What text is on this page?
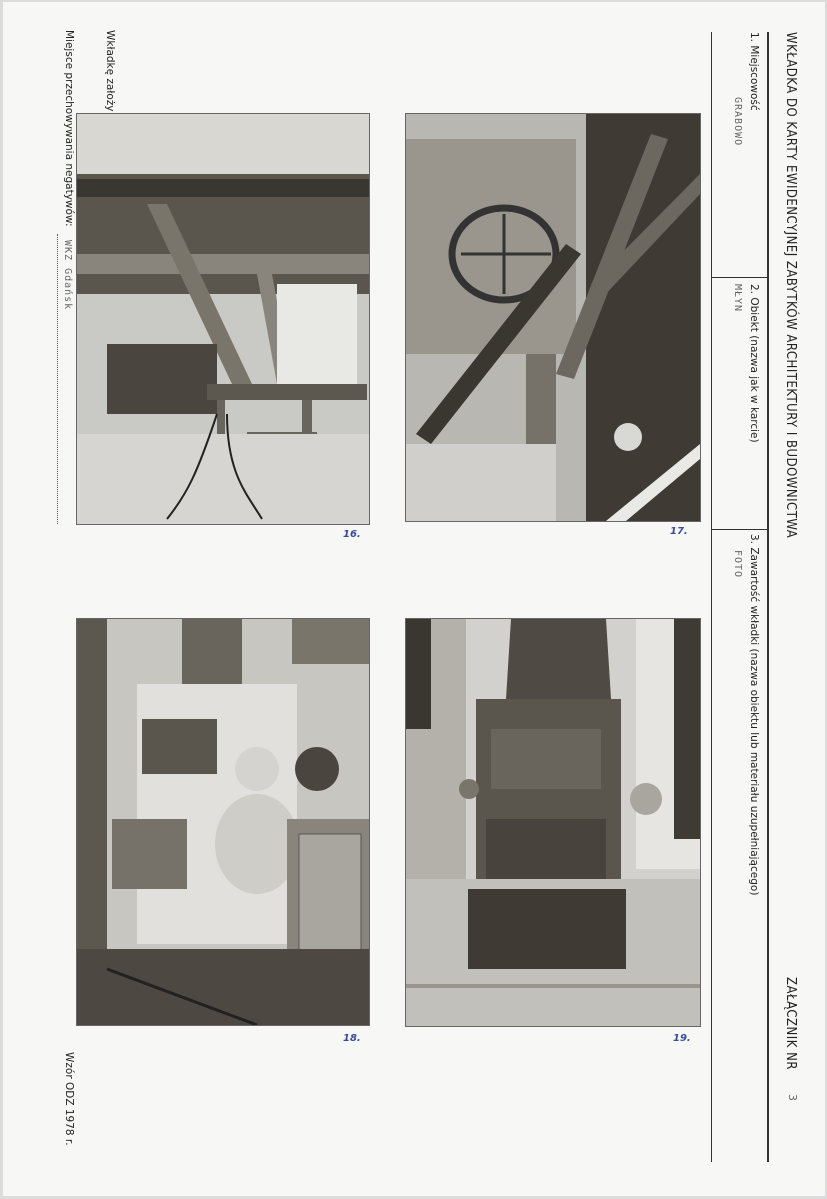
WKŁADKA DO KARTY EWIDENCYJNEJ ZABYTKÓW ARCHITEKTURY I BUDOWNICTWA
ZAŁĄCZNIK NR
3
1. Miejscowość
GRABOWO
2. Obiekt (nazwa jak w karcie)
MŁYN
3. Zawartość wkładki (nazwa obiektu lub materiału uzupełniającego)
FOTO
Wkładkę założy
Miejsce przechowywania negatywów:
WKZ Gdańsk
Wzór ODZ 1978 r.
16.	17.
18.	19.
